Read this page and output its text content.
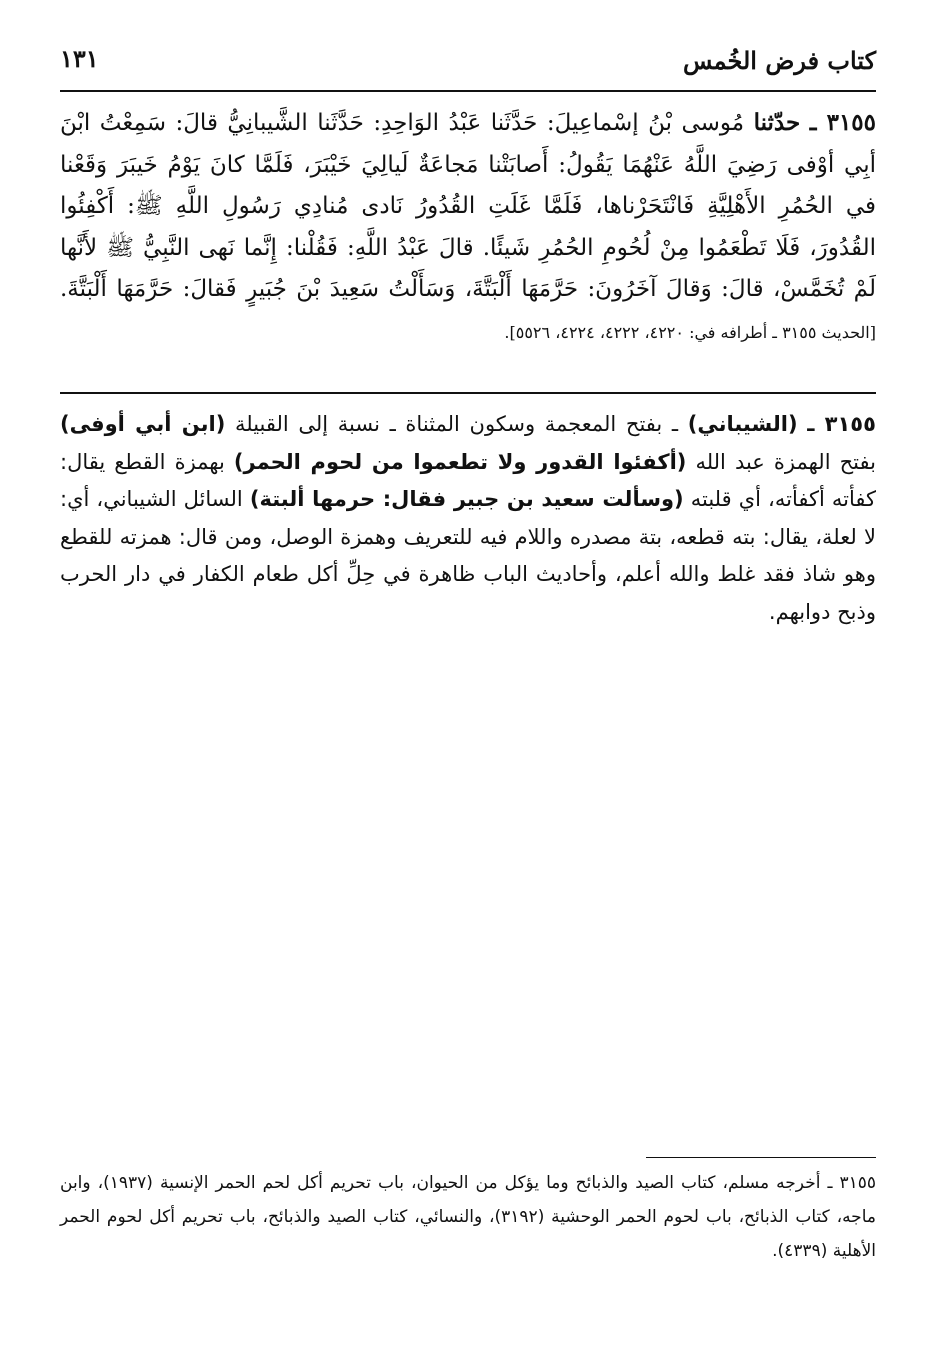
كتاب فرض الخُمس
١٣١
٣١٥٥ ـ حدّثنا مُوسى بْنُ إسْماعِيلَ: حَدَّثَنا عَبْدُ الوَاحِدِ: حَدَّثَنا الشَّيبانِيُّ قالَ: سَمِعْتُ ابْنَ أبِي أوْفى رَضِيَ اللَّهُ عَنْهُمَا يَقُولُ: أَصابَتْنا مَجاعَةٌ لَيالِيَ خَيْبَرَ، فَلَمَّا كانَ يَوْمُ خَيبَرَ وَقَعْنا في الحُمُرِ الأَهْلِيَّةِ فَانْتَحَرْناها، فَلَمَّا غَلَتِ القُدُورُ نَادى مُنادِي رَسُولِ اللَّهِ ﷺ: أَكْفِئُوا القُدُورَ، فَلَا تَطْعَمُوا مِنْ لُحُومِ الحُمُرِ شَيئًا. قالَ عَبْدُ اللَّهِ: فَقُلْنا: إِنَّما نَهى النَّبِيُّ ﷺ لأَنَّها لَمْ تُخَمَّسْ، قالَ: وَقالَ آخَرُونَ: حَرَّمَهَا أَلْبَتَّةَ، وَسَأَلْتُ سَعِيدَ بْنَ جُبَيرٍ فَقالَ: حَرَّمَهَا أَلْبَتَّةَ. [الحديث ٣١٥٥ ـ أطرافه في: ٤٢٢٠، ٤٢٢٢، ٤٢٢٤، ٥٥٢٦].
٣١٥٥ ـ (الشيباني) ـ بفتح المعجمة وسكون المثناة ـ نسبة إلى القبيلة (ابن أبي أوفى) بفتح الهمزة عبد الله (أكفئوا القدور ولا تطعموا من لحوم الحمر) بهمزة القطع يقال: كفأته أكفأته، أي قلبته (وسألت سعيد بن جبير فقال: حرمها ألبتة) السائل الشيباني، أي: لا لعلة، يقال: بته قطعه، بتة مصدره واللام فيه للتعريف وهمزة الوصل، ومن قال: همزته للقطع وهو شاذ فقد غلط والله أعلم، وأحاديث الباب ظاهرة في حِلِّ أكل طعام الكفار في دار الحرب وذبح دوابهم.
٣١٥٥ ـ أخرجه مسلم، كتاب الصيد والذبائح وما يؤكل من الحيوان، باب تحريم أكل لحم الحمر الإنسية (١٩٣٧)، وابن ماجه، كتاب الذبائح، باب لحوم الحمر الوحشية (٣١٩٢)، والنسائي، كتاب الصيد والذبائح، باب تحريم أكل لحوم الحمر الأهلية (٤٣٣٩).
